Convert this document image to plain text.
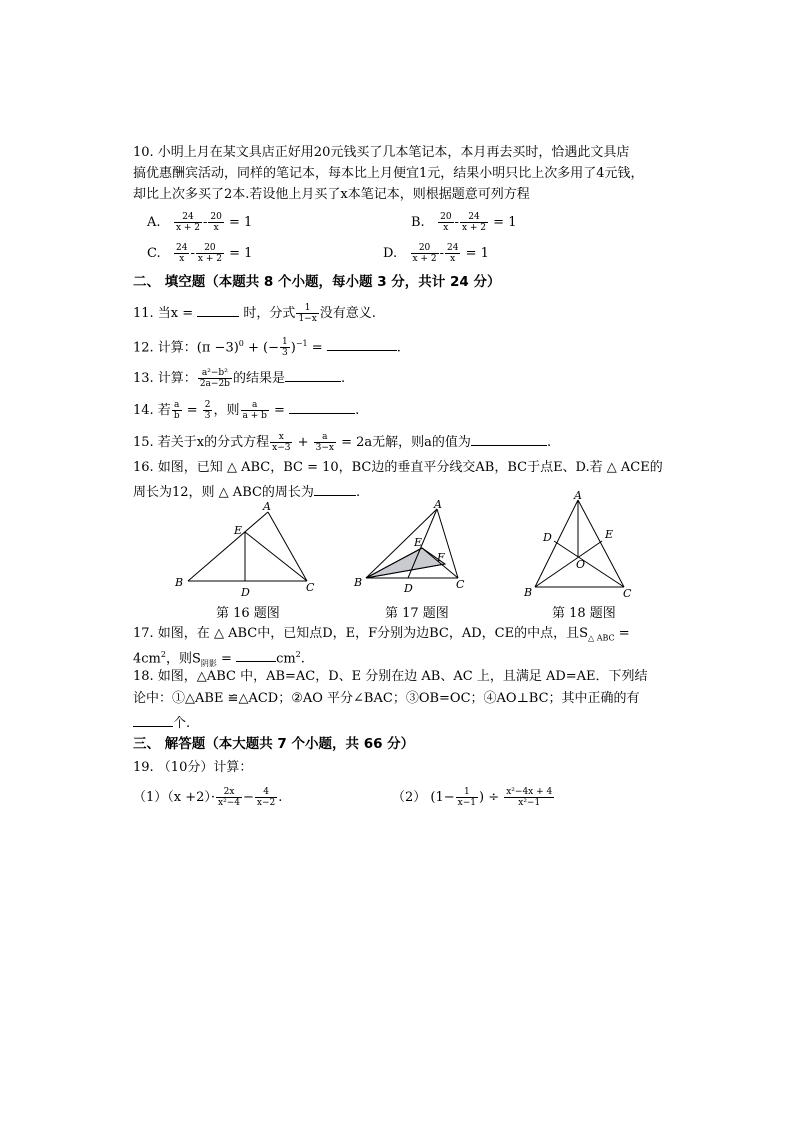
10. 小明上月在某文具店正好用20元钱买了几本笔记本，本月再去买时，恰遇此文具店
搞优惠酬宾活动，同样的笔记本，每本比上月便宜1元，结果小明只比上次多用了4元钱，
却比上次多买了2本.若设他上月买了x本笔记本，则根据题意可列方程
A. $\frac{24}{x + 2} - \frac{20}{x} = 1$	B. $\frac{20}{x} - \frac{24}{x + 2} = 1$
C. $\frac{24}{x} - \frac{20}{x + 2} = 1$	D. $\frac{20}{x + 2} - \frac{24}{x} = 1$
二、 填空题（本题共 8 个小题，每小题 3 分，共计 24 分）
11. 当x =	时，分式 $\frac{1}{1-x}$ 没有意义.
12. 计算：$(\pi -3)^0$ + (− $\frac{1}{3} )^{-1}$ =	.
13. 计算： $\frac{\text{a²−b²}}{2a-2b}$ 的结果是	.
14. 若 $\frac{a}{b} = \frac{2}{3}$ ，则 $\frac{a}{a + b}$ =	.
15. 若关于x的分式方程 $\frac{x}{x-3} + \frac{a}{3-x} = 2a$无解，则a的值为	.
16. 如图，已知 △ ABC，BC = 10，BC边的垂直平分线交AB，BC于点E、D.若 △ ACE的
周长为12，则 △ ABC的周长为	.
A
E
B
D	C
A
E
F
B	D	C
A
D	E
O
B	C
第 16 题图	第 17 题图	第 18 题图
17. 如图，在 △ ABC中，已知点D，E，F分别为边BC，AD，CE的中点，且$S_{\triangle ABC}$ =
$4cm^2$，则$S_{阴影}$ =	$cm^2$.
18. 如图，△ABC 中，AB=AC，D、E 分别在边 AB、AC 上，且满足 AD=AE．下列结
论中：①△ABE ≌△ACD；②AO 平分∠BAC；③OB=OC；④AO⊥BC；其中正确的有
个.
三、 解答题（本大题共 7 个小题，共 66 分）
19. （10分）计算：
$(1)(x +2)\cdot \frac{2x}{\text{x²−4}} - \frac{4}{x-2}$ .	（2） ($1- \frac{1}{x-1}$ ) ÷ $\frac{\text{x²−4x + 4}}{\text{x²−1}}$
